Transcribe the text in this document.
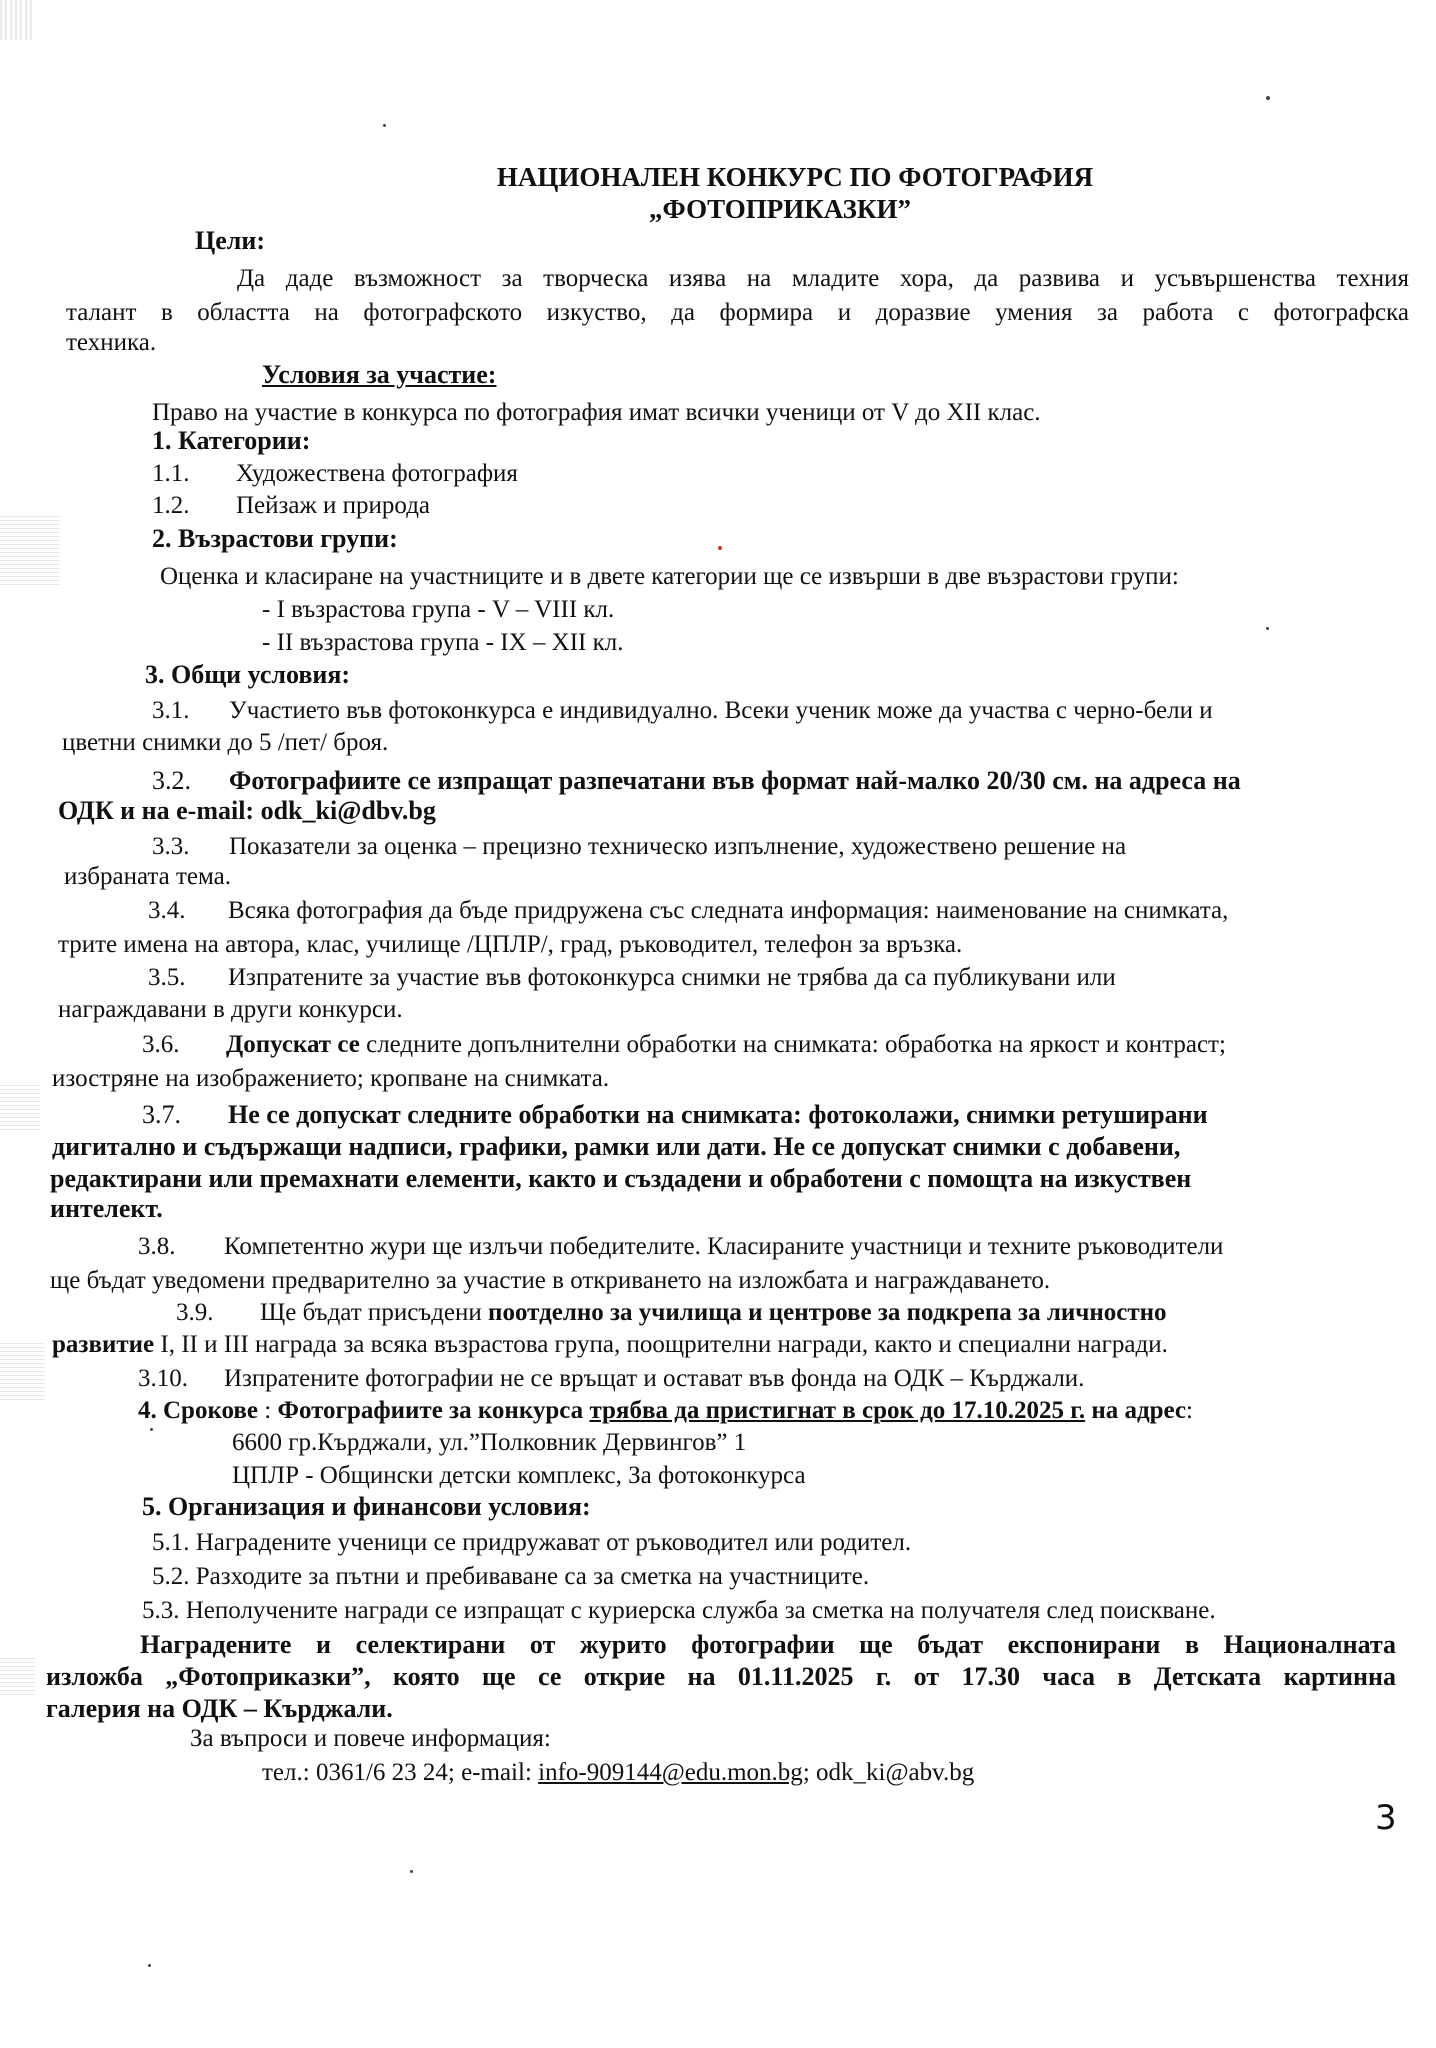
НАЦИОНАЛЕН КОНКУРС ПО ФОТОГРАФИЯ
„ФОТОПРИКАЗКИ”
Цели:
Да даде възможност за творческа изява на младите хора, да развива и усъвършенства техния
талант в областта на фотографското изкуство, да формира и доразвие умения за работа с фотографска
техника.
Условия за участие:
Право на участие в конкурса по фотография имат всички ученици от V до XII клас.
1. Категории:
1.1. Художествена фотография
1.2. Пейзаж и природа
2. Възрастови групи:
Оценка и класиране на участниците и в двете категории ще се извърши в две възрастови групи:
- I възрастова група - V – VIII кл.
- II възрастова група - IX – XII кл.
3. Общи условия:
3.1. Участието във фотоконкурса е индивидуално. Всеки ученик може да участва с черно-бели и
цветни снимки до 5 /пет/ броя.
3.2. Фотографиите се изпращат разпечатани във формат най-малко 20/30 см. на адреса на
ОДК и на e-mail: odk_ki@dbv.bg
3.3. Показатели за оценка – прецизно техническо изпълнение, художествено решение на
избраната тема.
3.4. Всяка фотография да бъде придружена със следната информация: наименование на снимката,
трите имена на автора, клас, училище /ЦПЛР/, град, ръководител, телефон за връзка.
3.5. Изпратените за участие във фотоконкурса снимки не трябва да са публикувани или
награждавани в други конкурси.
3.6. Допускат се следните допълнителни обработки на снимката: обработка на яркост и контраст;
изостряне на изображението; кропване на снимката.
3.7. Не се допускат следните обработки на снимката: фотоколажи, снимки ретуширани
дигитално и съдържащи надписи, графики, рамки или дати. Не се допускат снимки с добавени,
редактирани или премахнати елементи, както и създадени и обработени с помощта на изкуствен
интелект.
3.8. Компетентно жури ще излъчи победителите. Класираните участници и техните ръководители
ще бъдат уведомени предварително за участие в откриването на изложбата и награждаването.
3.9. Ще бъдат присъдени поотделно за училища и центрове за подкрепа за личностно
развитие I, II и III награда за всяка възрастова група, поощрителни награди, както и специални награди.
3.10. Изпратените фотографии не се връщат и остават във фонда на ОДК – Кърджали.
4. Срокове : Фотографиите за конкурса трябва да пристигнат в срок до 17.10.2025 г. на адрес:
6600 гр.Кърджали, ул.”Полковник Дервингов” 1
ЦПЛР - Общински детски комплекс, За фотоконкурса
5. Организация и финансови условия:
5.1. Наградените ученици се придружават от ръководител или родител.
5.2. Разходите за пътни и пребиваване са за сметка на участниците.
5.3. Неполучените награди се изпращат с куриерска служба за сметка на получателя след поискване.
Наградените и селектирани от журито фотографии ще бъдат експонирани в Националната
изложба „Фотоприказки”, която ще се открие на 01.11.2025 г. от 17.30 часа в Детската картинна
галерия на ОДК – Кърджали.
За въпроси и повече информация:
тел.: 0361/6 23 24; e-mail: info-909144@edu.mon.bg; odk_ki@abv.bg
3
